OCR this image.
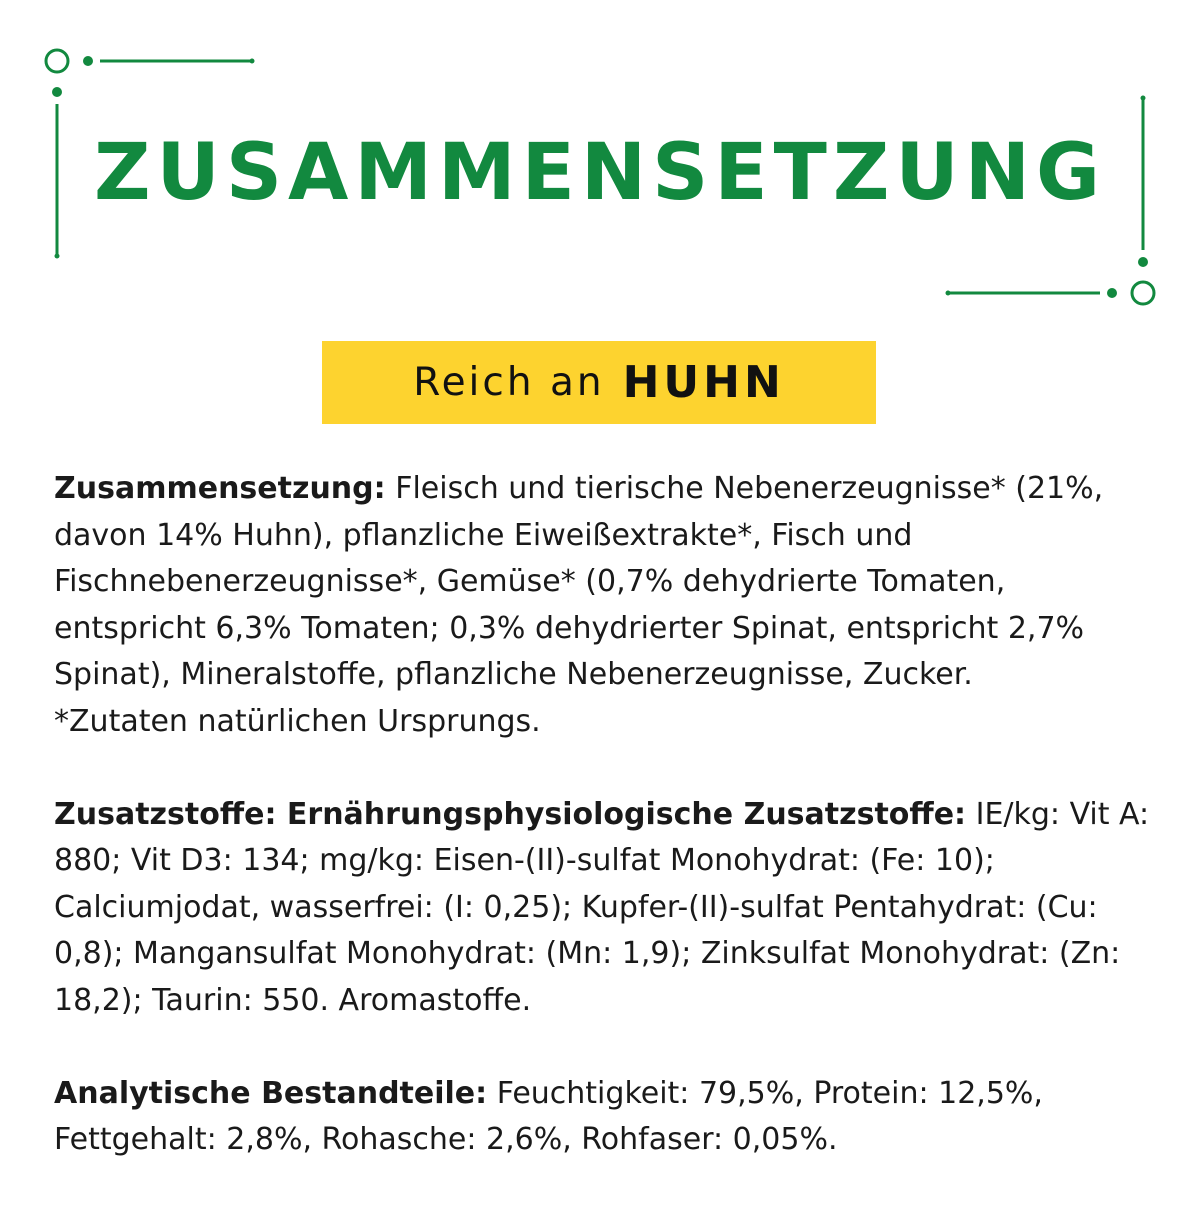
ZUSAMMENSETZUNG
Reich an HUHN

Zusammensetzung: Fleisch und tierische Nebenerzeugnisse* (21%, davon 14% Huhn), pflanzliche Eiweißextrakte*, Fisch und Fischnebenerzeugnisse*, Gemüse* (0,7% dehydrierte Tomaten, entspricht 6,3% Tomaten; 0,3% dehydrierter Spinat, entspricht 2,7% Spinat), Mineralstoffe, pflanzliche Nebenerzeugnisse, Zucker.
*Zutaten natürlichen Ursprungs.

Zusatzstoffe: Ernährungsphysiologische Zusatzstoffe: IE/kg: Vit A: 880; Vit D3: 134; mg/kg: Eisen-(II)-sulfat Monohydrat: (Fe: 10); Calciumjodat, wasserfrei: (I: 0,25); Kupfer-(II)-sulfat Pentahydrat: (Cu: 0,8); Mangansulfat Monohydrat: (Mn: 1,9); Zinksulfat Monohydrat: (Zn: 18,2); Taurin: 550. Aromastoffe.

Analytische Bestandteile: Feuchtigkeit: 79,5%, Protein: 12,5%, Fettgehalt: 2,8%, Rohasche: 2,6%, Rohfaser: 0,05%.
